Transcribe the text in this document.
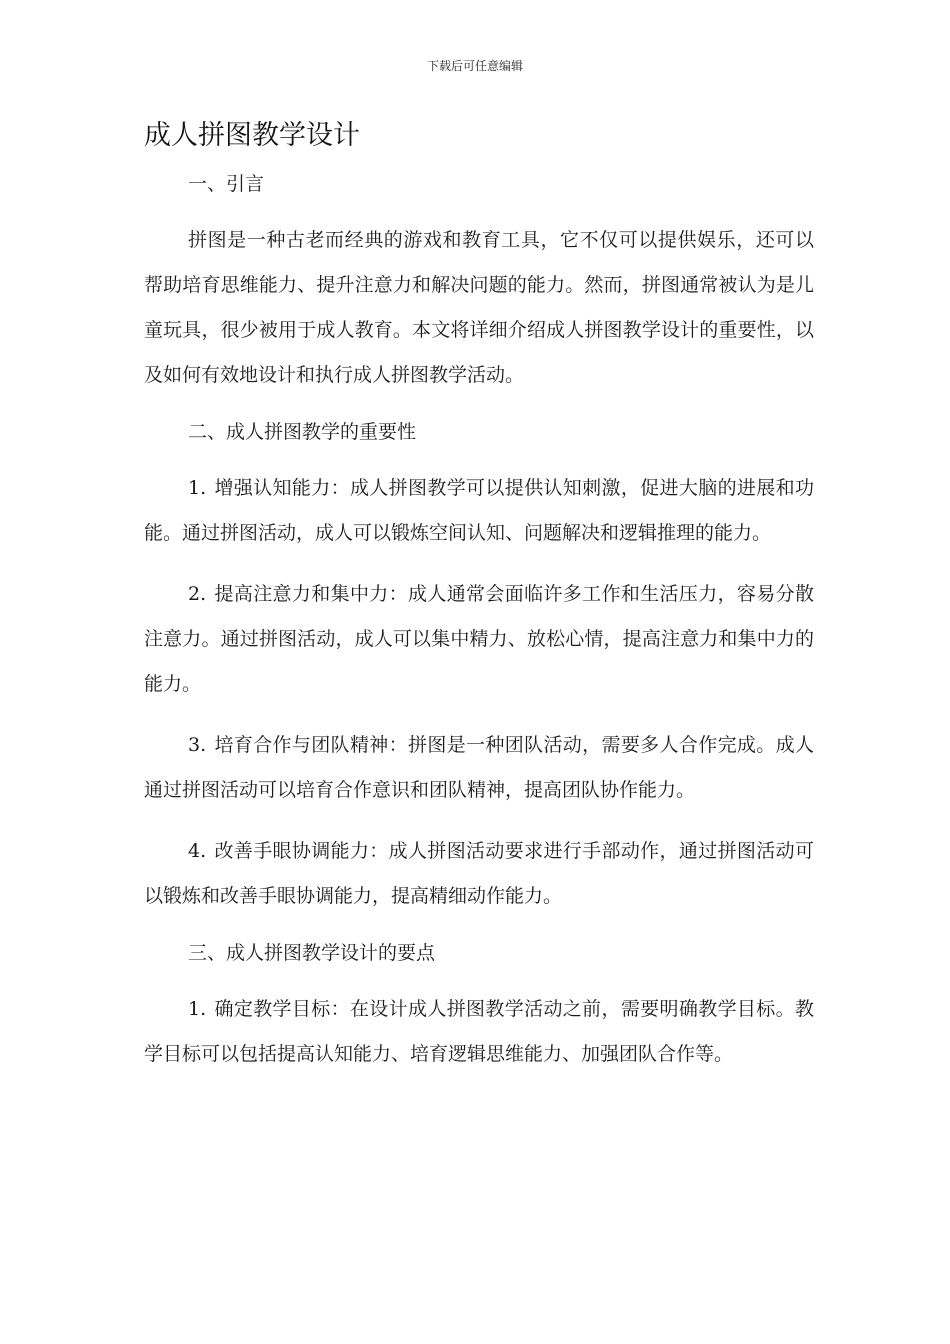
下载后可任意编辑
成人拼图教学设计
一、引言

拼图是一种古老而经典的游戏和教育工具，它不仅可以提供娱乐，还可以帮助培育思维能力、提升注意力和解决问题的能力。然而，拼图通常被认为是儿童玩具，很少被用于成人教育。本文将详细介绍成人拼图教学设计的重要性，以及如何有效地设计和执行成人拼图教学活动。

二、成人拼图教学的重要性

1. 增强认知能力：成人拼图教学可以提供认知刺激，促进大脑的进展和功能。通过拼图活动，成人可以锻炼空间认知、问题解决和逻辑推理的能力。

2. 提高注意力和集中力：成人通常会面临许多工作和生活压力，容易分散注意力。通过拼图活动，成人可以集中精力、放松心情，提高注意力和集中力的能力。

3. 培育合作与团队精神：拼图是一种团队活动，需要多人合作完成。成人通过拼图活动可以培育合作意识和团队精神，提高团队协作能力。

4. 改善手眼协调能力：成人拼图活动要求进行手部动作，通过拼图活动可以锻炼和改善手眼协调能力，提高精细动作能力。

三、成人拼图教学设计的要点

1. 确定教学目标：在设计成人拼图教学活动之前，需要明确教学目标。教学目标可以包括提高认知能力、培育逻辑思维能力、加强团队合作等。
